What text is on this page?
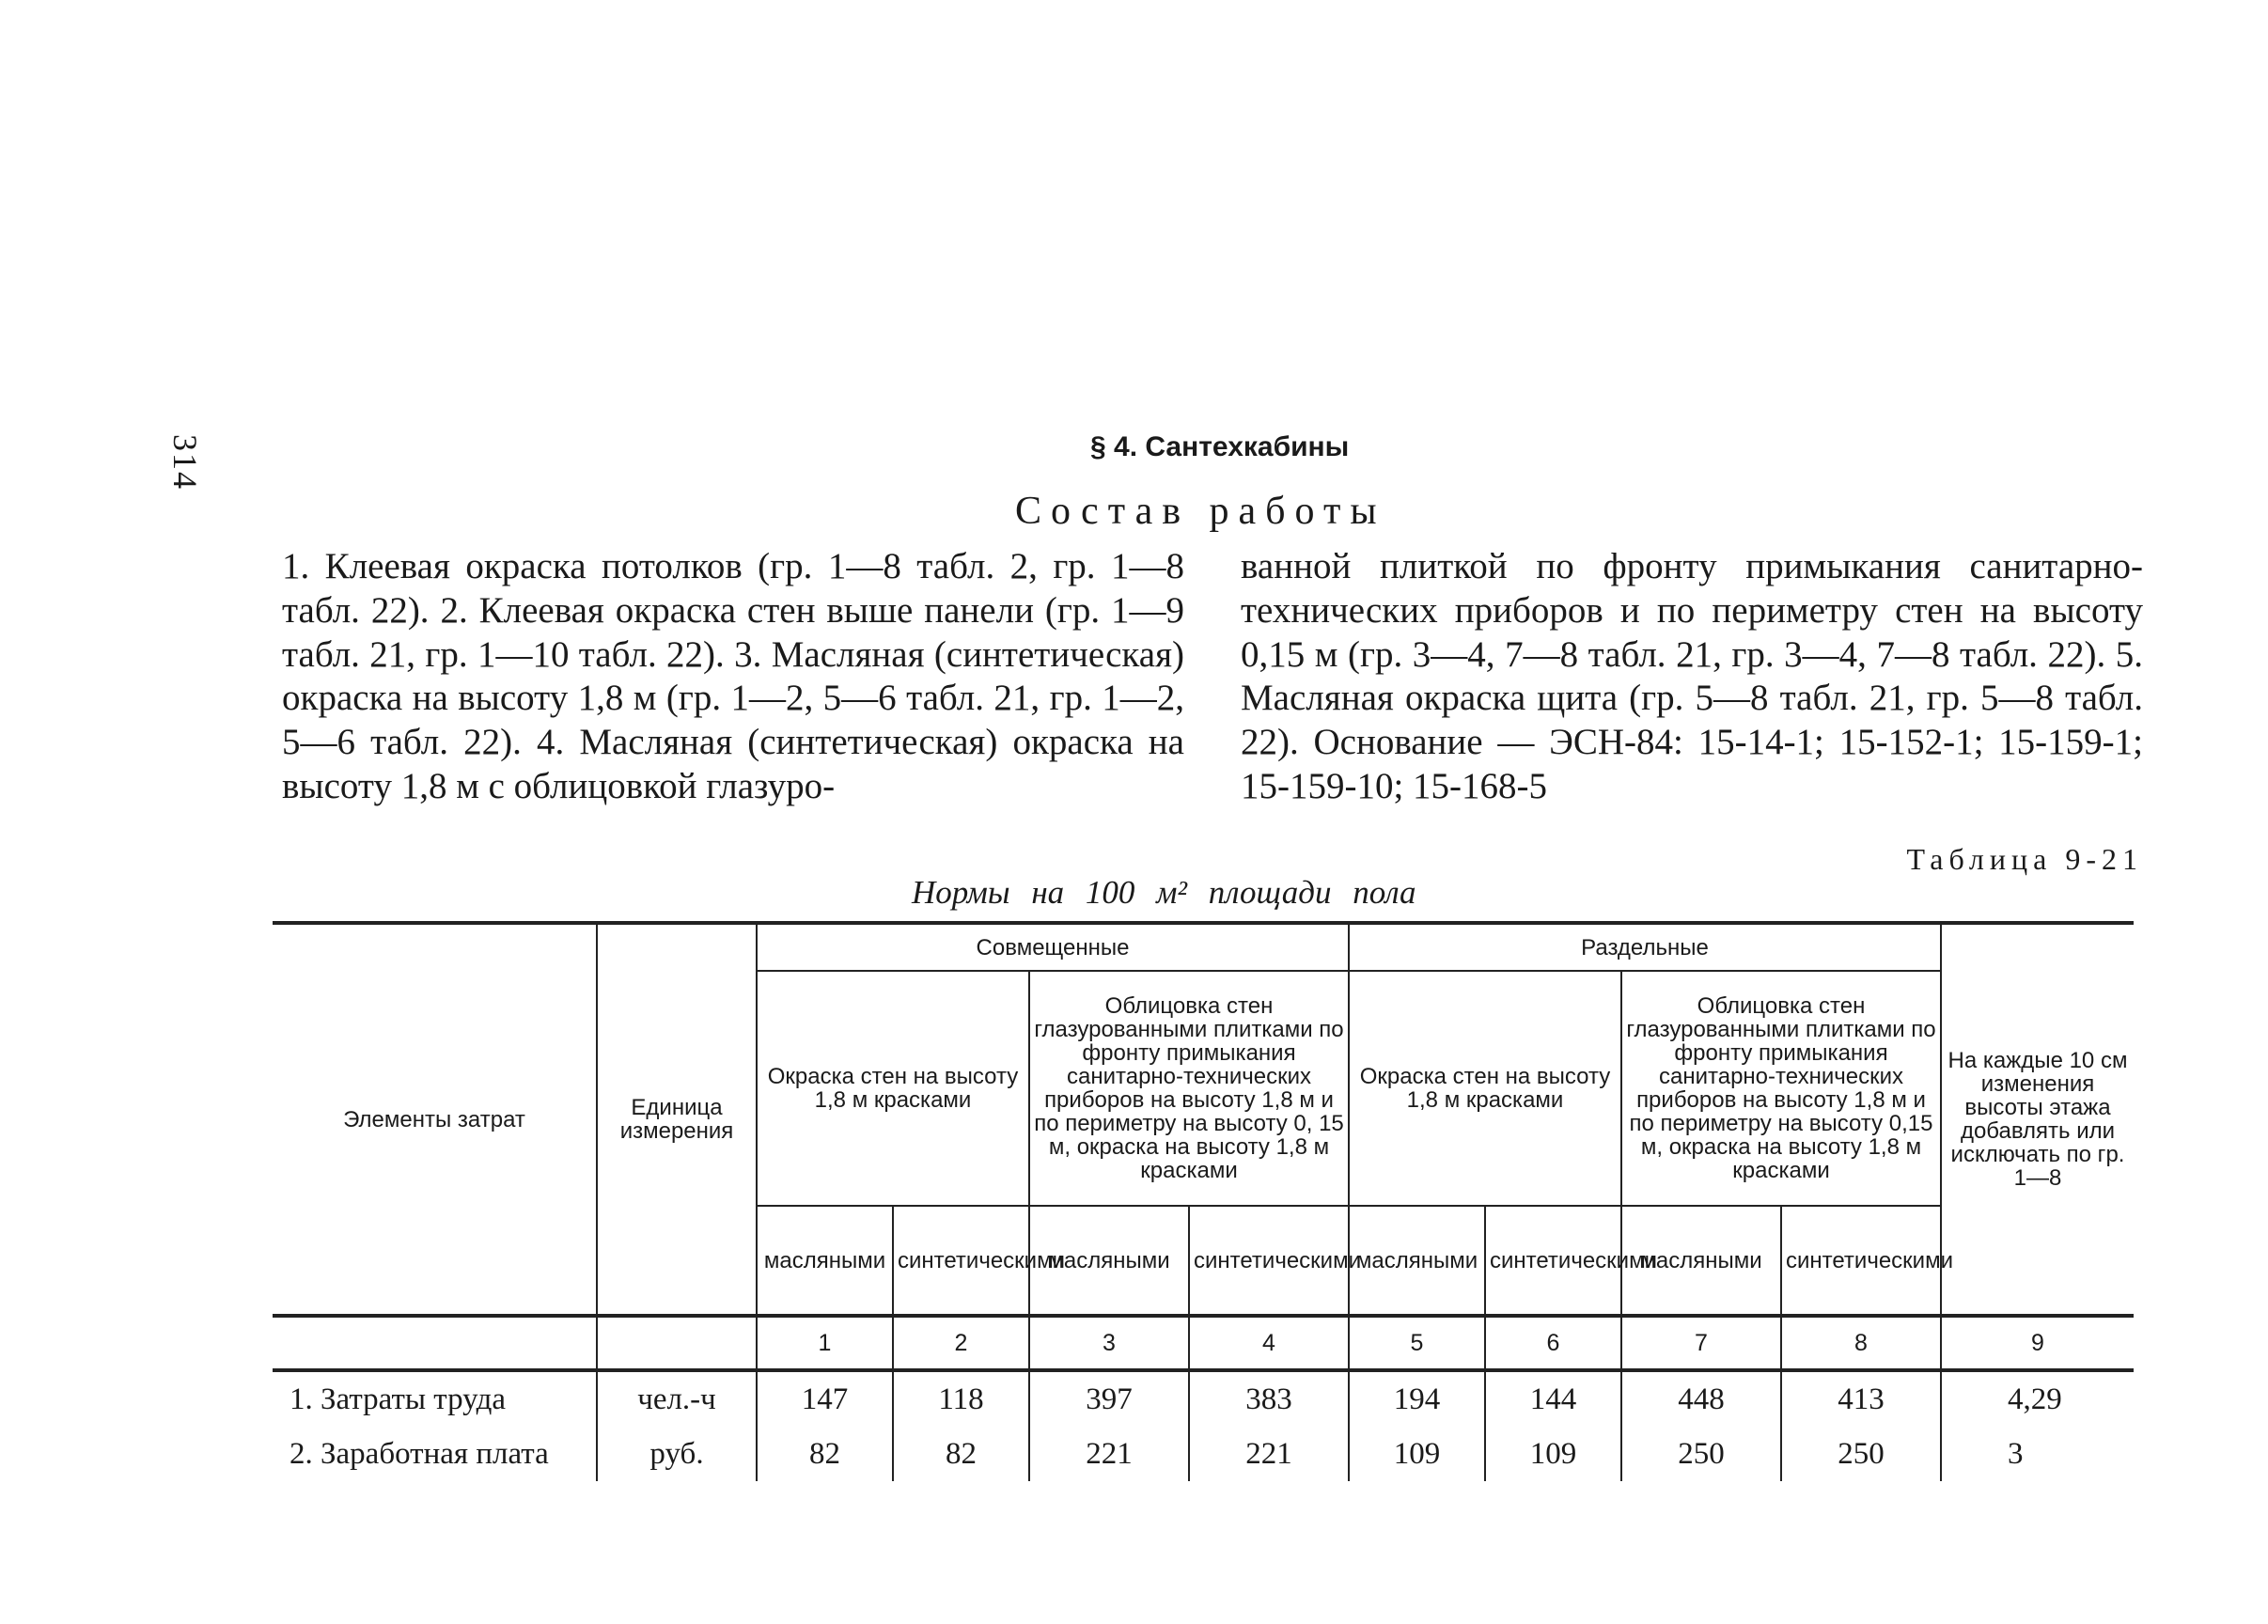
314	§ 4. Сантехкабины
Состав работы
1. Клеевая окраска потолков (гр. 1—8 табл. 2, гр. 1—8 табл. 22). 2. Клеевая окраска стен выше панели (гр. 1—9 табл. 21, гр. 1—10 табл. 22). 3. Масляная (синтетическая) окраска на высоту 1,8 м (гр. 1—2, 5—6 табл. 21, гр. 1—2, 5—6 табл. 22). 4. Масляная (синтетическая) окраска на высоту 1,8 м с облицовкой глазуро-
ванной плиткой по фронту примыкания санитарно-технических приборов и по периметру стен на высоту 0,15 м (гр. 3—4, 7—8 табл. 21, гр. 3—4, 7—8 табл. 22). 5. Масляная окраска щита (гр. 5—8 табл. 21, гр. 5—8 табл. 22). Основание — ЭСН-84: 15-14-1; 15-152-1; 15-159-1; 15-159-10; 15-168-5
Таблица 9-21
Нормы на 100 м² площади пола
Элементы затрат	Единица измерения	Совмещенные				Раздельные				На каждые 10 см изменения высоты этажа добавлять или исключать по гр. 1—8
		Окраска стен на высоту 1,8 м красками		Облицовка стен глазурованными плитками по фронту примыкания санитарно-технических приборов на высоту 1,8 м и по периметру на высоту 0, 15 м, окраска на высоту 1,8 м красками		Окраска стен на высоту 1,8 м красками		Облицовка стен глазурованными плитками по фронту примыкания санитарно-технических приборов на высоту 1,8 м и по периметру на высоту 0,15 м, окраска на высоту 1,8 м красками		
		масляными	синтетическими	масляными	синтетическими	масляными	синтетическими	масляными	синтетическими	
		1	2	3	4	5	6	7	8	9
1. Затраты труда	чел.-ч	147	118	397	383	194	144	448	413	4,29
2. Заработная плата	руб.	82	82	221	221	109	109	250	250	3
